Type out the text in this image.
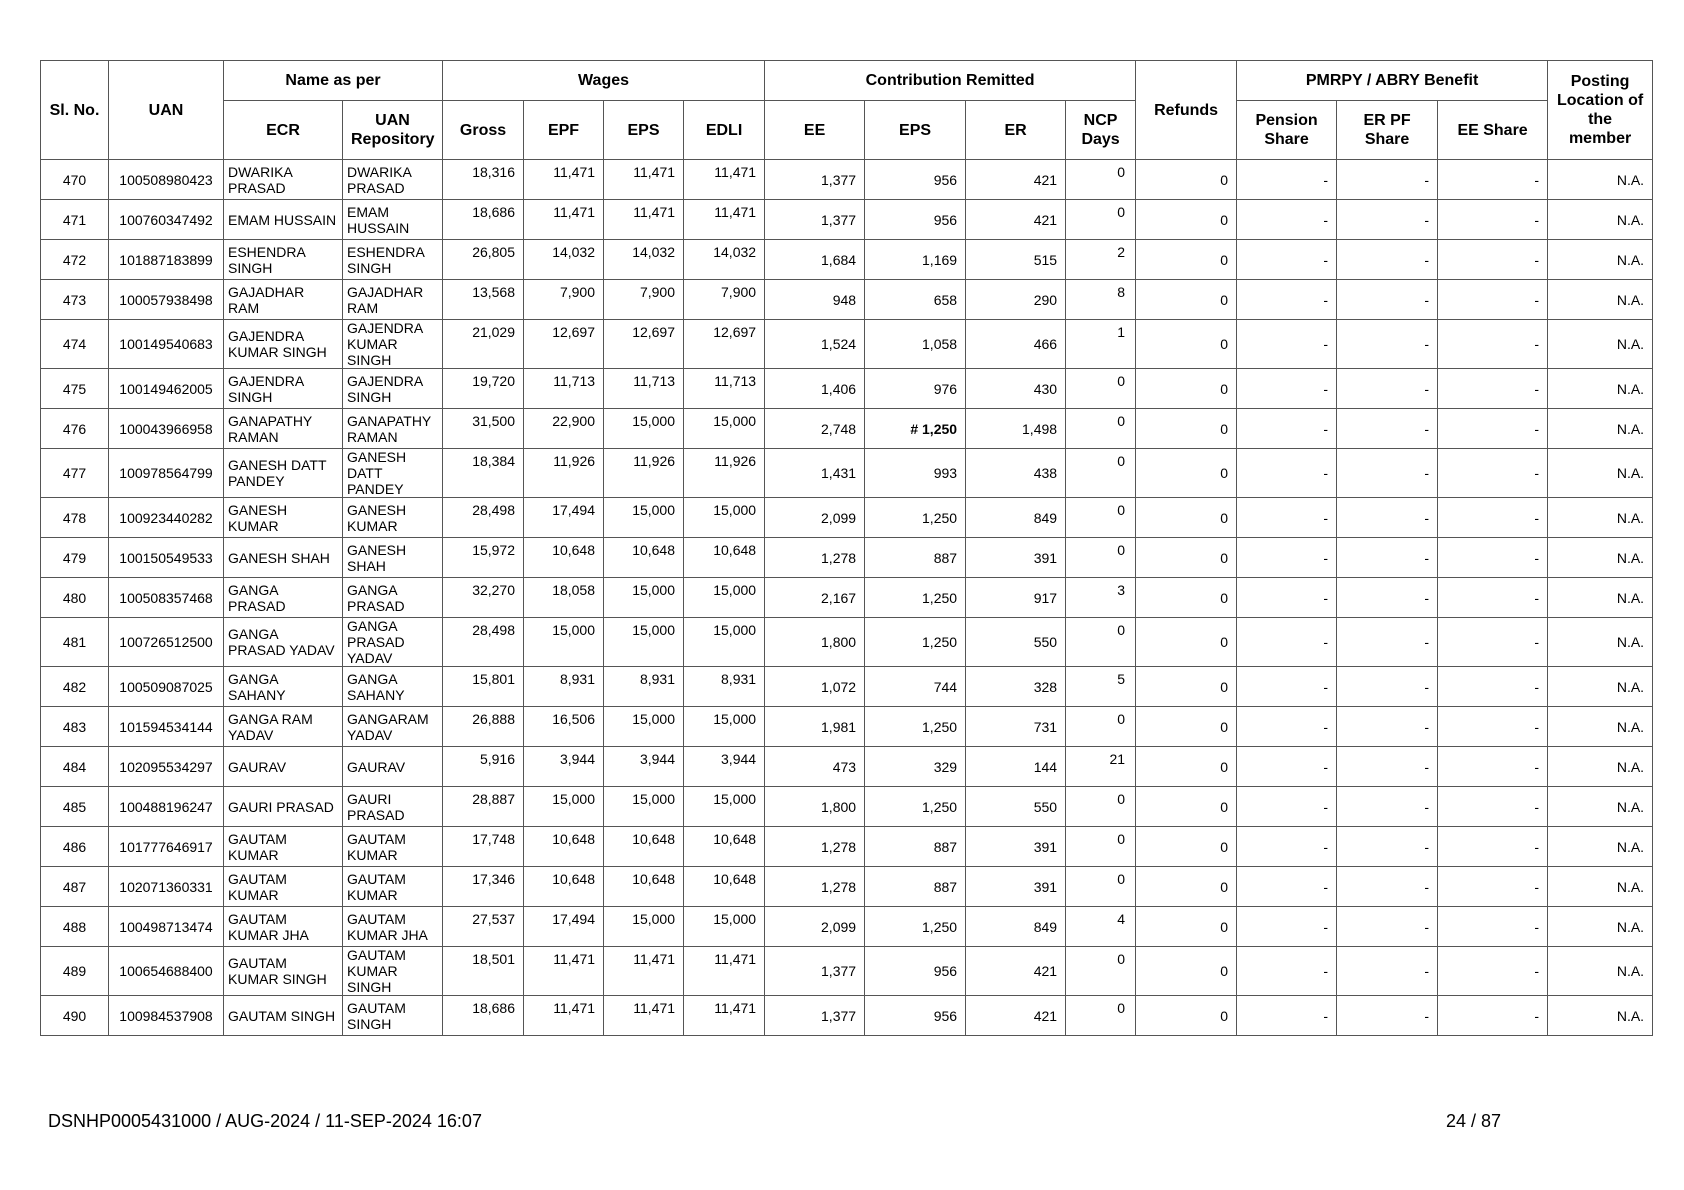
Sl. No.	UAN	Name as per		Wages				Contribution Remitted				Refunds	PMRPY / ABRY Benefit			Posting Location of the member
		ECR	UAN Repository	Gross	EPF	EPS	EDLI	EE	EPS	ER	NCP Days		Pension Share	ER PF Share	EE Share	
470	100508980423	DWARIKA PRASAD	DWARIKA PRASAD	18,316	11,471	11,471	11,471	1,377	956	421	0	0	-	-	-	N.A.
471	100760347492	EMAM HUSSAIN	EMAM HUSSAIN	18,686	11,471	11,471	11,471	1,377	956	421	0	0	-	-	-	N.A.
472	101887183899	ESHENDRA SINGH	ESHENDRA SINGH	26,805	14,032	14,032	14,032	1,684	1,169	515	2	0	-	-	-	N.A.
473	100057938498	GAJADHAR RAM	GAJADHAR RAM	13,568	7,900	7,900	7,900	948	658	290	8	0	-	-	-	N.A.
474	100149540683	GAJENDRA KUMAR SINGH	GAJENDRA KUMAR SINGH	21,029	12,697	12,697	12,697	1,524	1,058	466	1	0	-	-	-	N.A.
475	100149462005	GAJENDRA SINGH	GAJENDRA SINGH	19,720	11,713	11,713	11,713	1,406	976	430	0	0	-	-	-	N.A.
476	100043966958	GANAPATHY RAMAN	GANAPATHY RAMAN	31,500	22,900	15,000	15,000	2,748	# 1,250	1,498	0	0	-	-	-	N.A.
477	100978564799	GANESH DATT PANDEY	GANESH DATT PANDEY	18,384	11,926	11,926	11,926	1,431	993	438	0	0	-	-	-	N.A.
478	100923440282	GANESH KUMAR	GANESH KUMAR	28,498	17,494	15,000	15,000	2,099	1,250	849	0	0	-	-	-	N.A.
479	100150549533	GANESH SHAH	GANESH SHAH	15,972	10,648	10,648	10,648	1,278	887	391	0	0	-	-	-	N.A.
480	100508357468	GANGA PRASAD	GANGA PRASAD	32,270	18,058	15,000	15,000	2,167	1,250	917	3	0	-	-	-	N.A.
481	100726512500	GANGA PRASAD YADAV	GANGA PRASAD YADAV	28,498	15,000	15,000	15,000	1,800	1,250	550	0	0	-	-	-	N.A.
482	100509087025	GANGA SAHANY	GANGA SAHANY	15,801	8,931	8,931	8,931	1,072	744	328	5	0	-	-	-	N.A.
483	101594534144	GANGA RAM YADAV	GANGARAM YADAV	26,888	16,506	15,000	15,000	1,981	1,250	731	0	0	-	-	-	N.A.
484	102095534297	GAURAV	GAURAV	5,916	3,944	3,944	3,944	473	329	144	21	0	-	-	-	N.A.
485	100488196247	GAURI PRASAD	GAURI PRASAD	28,887	15,000	15,000	15,000	1,800	1,250	550	0	0	-	-	-	N.A.
486	101777646917	GAUTAM KUMAR	GAUTAM KUMAR	17,748	10,648	10,648	10,648	1,278	887	391	0	0	-	-	-	N.A.
487	102071360331	GAUTAM KUMAR	GAUTAM KUMAR	17,346	10,648	10,648	10,648	1,278	887	391	0	0	-	-	-	N.A.
488	100498713474	GAUTAM KUMAR JHA	GAUTAM KUMAR JHA	27,537	17,494	15,000	15,000	2,099	1,250	849	4	0	-	-	-	N.A.
489	100654688400	GAUTAM KUMAR SINGH	GAUTAM KUMAR SINGH	18,501	11,471	11,471	11,471	1,377	956	421	0	0	-	-	-	N.A.
490	100984537908	GAUTAM SINGH	GAUTAM SINGH	18,686	11,471	11,471	11,471	1,377	956	421	0	0	-	-	-	N.A.
DSNHP0005431000 / AUG-2024 / 11-SEP-2024 16:07	24 / 87
